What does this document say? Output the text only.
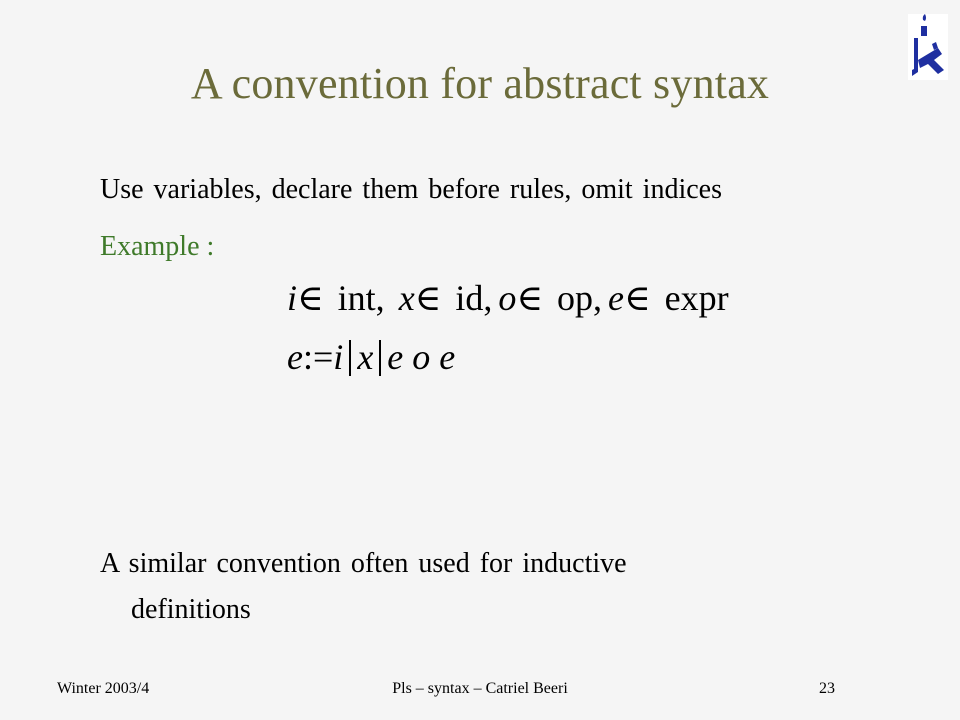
A convention for abstract syntax
Use variables, declare them before rules, omit indices
Example :
i∈ int, x∈ id, o∈ op, e∈ expr
e:=i x e o e
A similar convention often used for inductive
definitions
Winter 2003/4	Pls – syntax – Catriel Beeri	23
